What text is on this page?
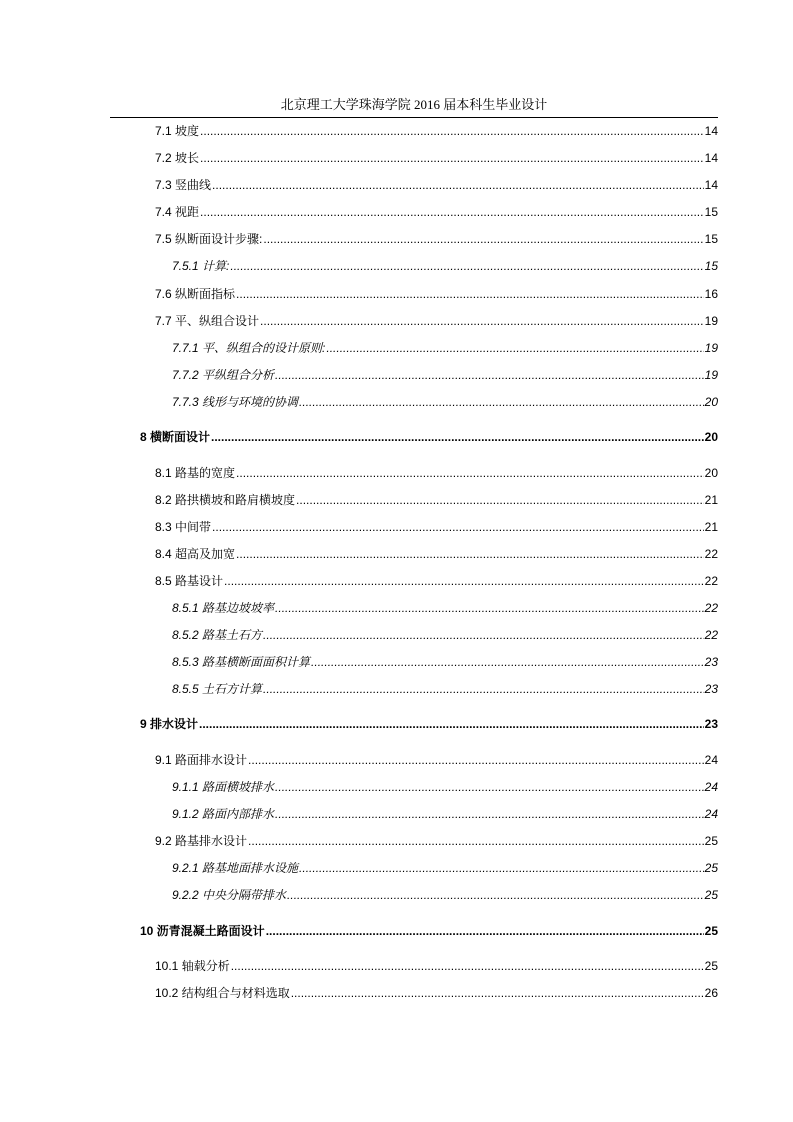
北京理工大学珠海学院 2016 届本科生毕业设计
7.1 坡度 .....	14
7.2 坡长 .....	14
7.3 竖曲线 .....	14
7.4 视距 .....	15
7.5 纵断面设计步骤: .....	15
7.5.1 计算: .....	15
7.6 纵断面指标 .....	16
7.7 平、纵组合设计 .....	19
7.7.1 平、纵组合的设计原则: .....	19
7.7.2 平纵组合分析 .....	19
7.7.3 线形与环境的协调 .....	20
8 横断面设计 .....	20
8.1 路基的宽度 .....	20
8.2 路拱横坡和路肩横坡度 .....	21
8.3 中间带 .....	21
8.4 超高及加宽 .....	22
8.5 路基设计 .....	22
8.5.1 路基边坡坡率 .....	22
8.5.2 路基土石方 .....	22
8.5.3 路基横断面面积计算 .....	23
8.5.5 土石方计算 .....	23
9 排水设计 .....	23
9.1 路面排水设计 .....	24
9.1.1 路面横坡排水 .....	24
9.1.2 路面内部排水 .....	24
9.2 路基排水设计 .....	25
9.2.1 路基地面排水设施 .....	25
9.2.2 中央分隔带排水 .....	25
10 沥青混凝土路面设计 .....	25
10.1 轴载分析 .....	25
10.2 结构组合与材料选取 .....	26
